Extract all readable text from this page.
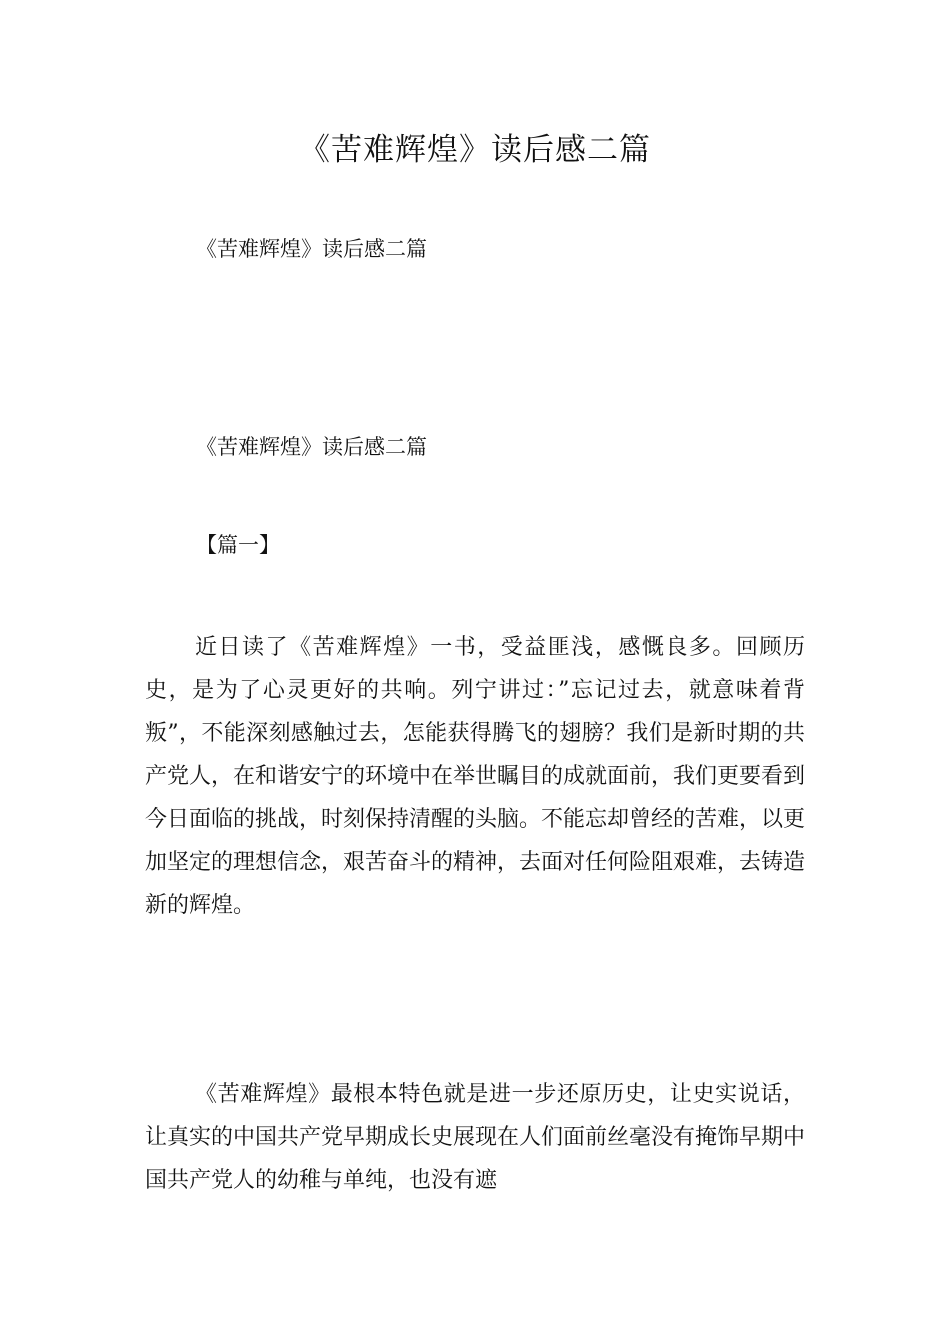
《苦难辉煌》读后感二篇

《苦难辉煌》读后感二篇

《苦难辉煌》读后感二篇

【篇一】

近日读了《苦难辉煌》一书，受益匪浅，感慨良多。回顾历史，是为了心灵更好的共响。列宁讲过：”忘记过去，就意味着背叛”，不能深刻感触过去，怎能获得腾飞的翅膀？我们是新时期的共产党人，在和谐安宁的环境中在举世瞩目的成就面前，我们更要看到今日面临的挑战，时刻保持清醒的头脑。不能忘却曾经的苦难，以更加坚定的理想信念，艰苦奋斗的精神，去面对任何险阻艰难，去铸造新的辉煌。

《苦难辉煌》最根本特色就是进一步还原历史，让史实说话，让真实的中国共产党早期成长史展现在人们面前丝毫没有掩饰早期中国共产党人的幼稚与单纯，也没有遮
